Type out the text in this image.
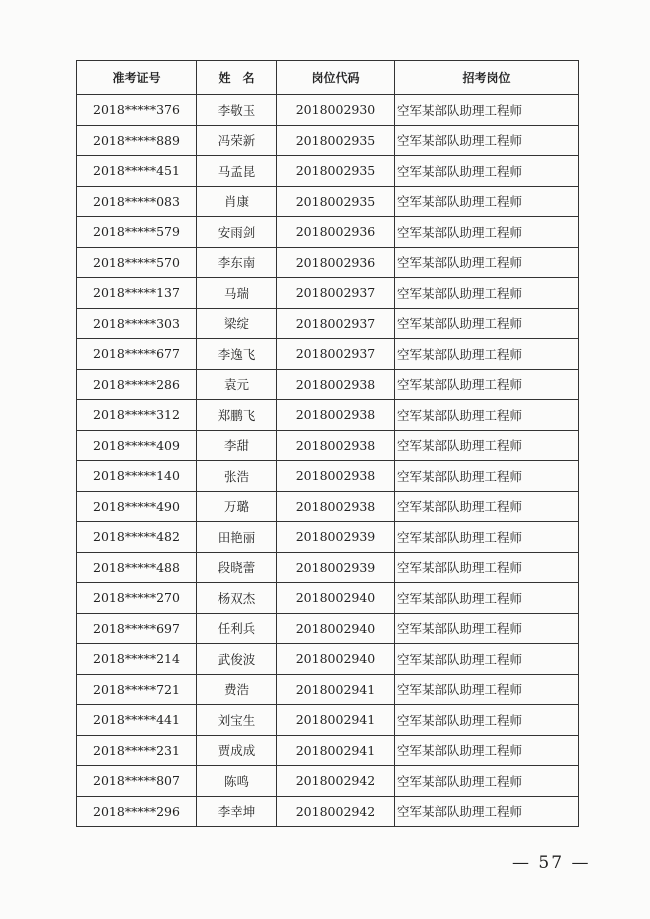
准考证号	姓　名	岗位代码	招考岗位
2018*****376	李敬玉	2018002930	空军某部队助理工程师
2018*****889	冯荣新	2018002935	空军某部队助理工程师
2018*****451	马孟昆	2018002935	空军某部队助理工程师
2018*****083	肖康	2018002935	空军某部队助理工程师
2018*****579	安雨剑	2018002936	空军某部队助理工程师
2018*****570	李东南	2018002936	空军某部队助理工程师
2018*****137	马瑞	2018002937	空军某部队助理工程师
2018*****303	梁绽	2018002937	空军某部队助理工程师
2018*****677	李逸飞	2018002937	空军某部队助理工程师
2018*****286	袁元	2018002938	空军某部队助理工程师
2018*****312	郑鹏飞	2018002938	空军某部队助理工程师
2018*****409	李甜	2018002938	空军某部队助理工程师
2018*****140	张浩	2018002938	空军某部队助理工程师
2018*****490	万璐	2018002938	空军某部队助理工程师
2018*****482	田艳丽	2018002939	空军某部队助理工程师
2018*****488	段晓蕾	2018002939	空军某部队助理工程师
2018*****270	杨双杰	2018002940	空军某部队助理工程师
2018*****697	任利兵	2018002940	空军某部队助理工程师
2018*****214	武俊波	2018002940	空军某部队助理工程师
2018*****721	费浩	2018002941	空军某部队助理工程师
2018*****441	刘宝生	2018002941	空军某部队助理工程师
2018*****231	贾成成	2018002941	空军某部队助理工程师
2018*****807	陈鸣	2018002942	空军某部队助理工程师
2018*****296	李幸坤	2018002942	空军某部队助理工程师
— 57 —
